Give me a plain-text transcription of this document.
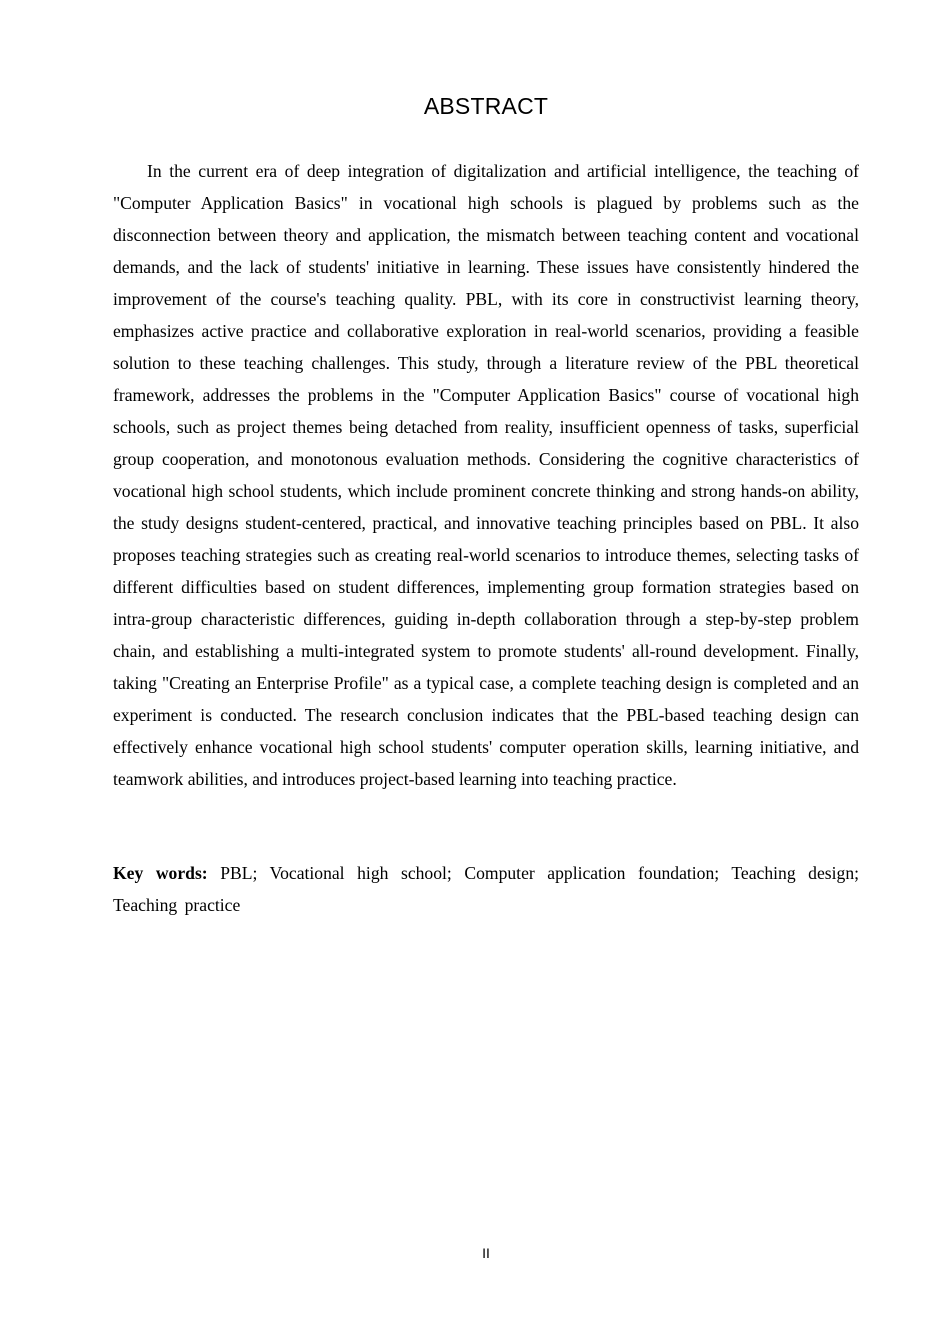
ABSTRACT

In the current era of deep integration of digitalization and artificial intelligence, the teaching of "Computer Application Basics" in vocational high schools is plagued by problems such as the disconnection between theory and application, the mismatch between teaching content and vocational demands, and the lack of students' initiative in learning. These issues have consistently hindered the improvement of the course's teaching quality. PBL, with its core in constructivist learning theory, emphasizes active practice and collaborative exploration in real-world scenarios, providing a feasible solution to these teaching challenges. This study, through a literature review of the PBL theoretical framework, addresses the problems in the "Computer Application Basics" course of vocational high schools, such as project themes being detached from reality, insufficient openness of tasks, superficial group cooperation, and monotonous evaluation methods. Considering the cognitive characteristics of vocational high school students, which include prominent concrete thinking and strong hands-on ability, the study designs student-centered, practical, and innovative teaching principles based on PBL. It also proposes teaching strategies such as creating real-world scenarios to introduce themes, selecting tasks of different difficulties based on student differences, implementing group formation strategies based on intra-group characteristic differences, guiding in-depth collaboration through a step-by-step problem chain, and establishing a multi-integrated system to promote students' all-round development. Finally, taking "Creating an Enterprise Profile" as a typical case, a complete teaching design is completed and an experiment is conducted. The research conclusion indicates that the PBL-based teaching design can effectively enhance vocational high school students' computer operation skills, learning initiative, and teamwork abilities, and introduces project-based learning into teaching practice.

Key words: PBL; Vocational high school; Computer application foundation; Teaching design; Teaching practice

II
